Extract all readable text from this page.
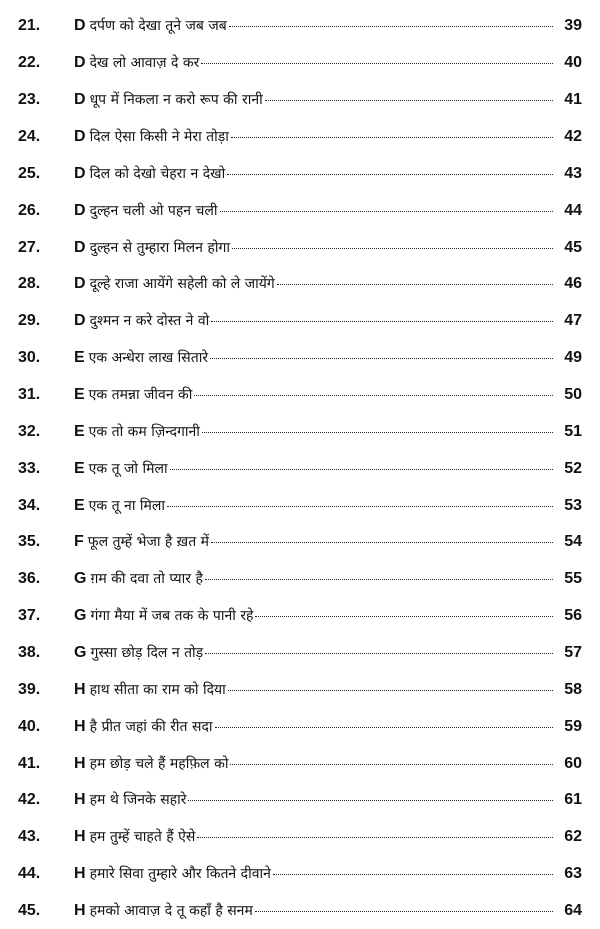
21.	D दर्पण को देखा तूने जब जब	39
22.	D देख लो आवाज़ दे कर	40
23.	D धूप में निकला न करो रूप की रानी	41
24.	D दिल ऐसा किसी ने मेरा तोड़ा	42
25.	D दिल को देखो चेहरा न देखो	43
26.	D दुल्हन चली ओ पहन चली	44
27.	D दुल्हन से तुम्हारा मिलन होगा	45
28.	D दूल्हे राजा आयेंगे सहेली को ले जायेंगे	46
29.	D दुश्मन न करे दोस्त ने वो	47
30.	E एक अन्धेरा लाख सितारे	49
31.	E एक तमन्ना जीवन की	50
32.	E एक तो कम ज़िन्दगानी	51
33.	E एक तू जो मिला	52
34.	E एक तू ना मिला	53
35.	F फूल तुम्हें भेजा है ख़त में	54
36.	G ग़म की दवा तो प्यार है	55
37.	G गंगा मैया में जब तक के पानी रहे	56
38.	G गुस्सा छोड़ दिल न तोड़	57
39.	H हाथ सीता का राम को दिया	58
40.	H है प्रीत जहां की रीत सदा	59
41.	H हम छोड़ चले हैं महफ़िल को	60
42.	H हम थे जिनके सहारे	61
43.	H हम तुम्हें चाहते हैं ऐसे	62
44.	H हमारे सिवा तुम्हारे और कितने दीवाने	63
45.	H हमको आवाज़ दे तू कहाँ है सनम	64
